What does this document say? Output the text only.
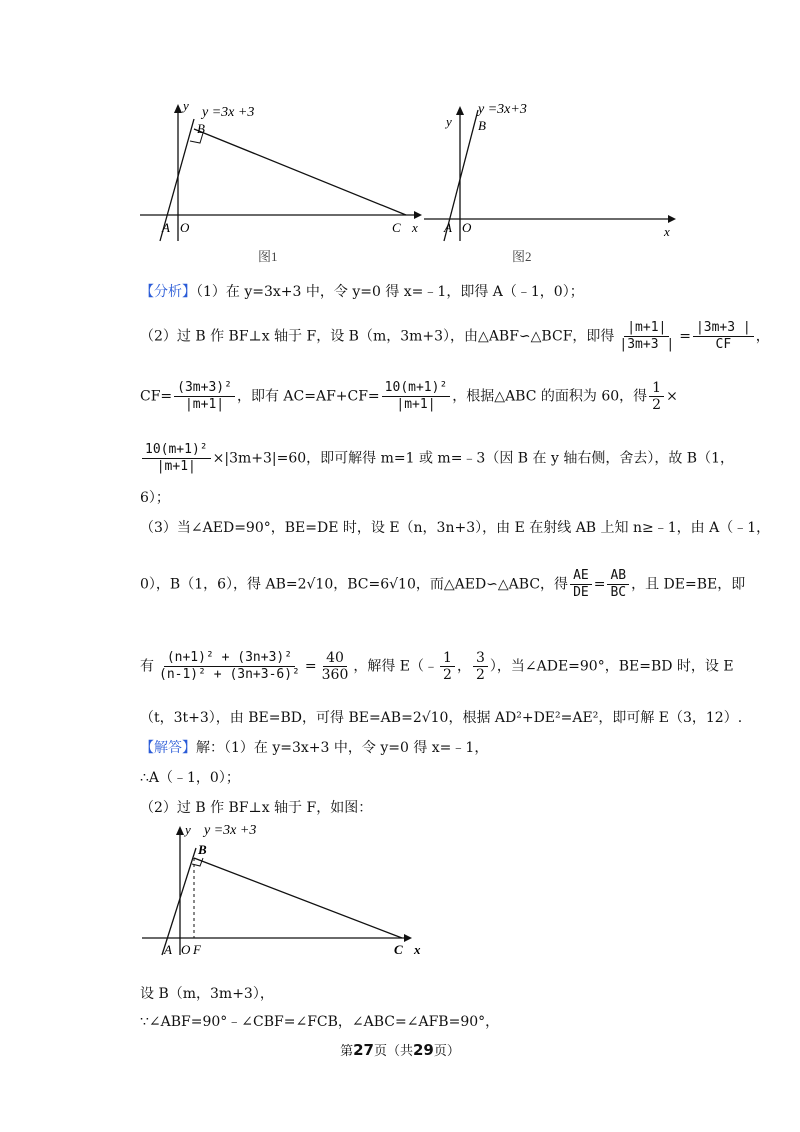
y y =3x +3
B
A O	C x
图1
y
y =3x+3
B
A O	x
图2
【分析】（1）在 y=3x+3 中，令 y=0 得 x=﹣1，即得 A（﹣1，0）；
（2）过 B 作 BF⊥x 轴于 F，设 B（m，3m+3），由△ABF∽△BCF，即得 $\frac{|m+1|}{|3m+3 |} = \frac{|3m+3 |}{CF}$ ，
$CF= \frac{\text{(3m+3)²}}{|m+1|}$ ，即有 $AC=AF+CF= \frac{\text{10(m+1)²}}{|m+1|}$ ，根据△ABC 的面积为 60，得 $\frac{1}{2}$ ×
$\frac{\text{10(m+1)²}}{|m+1|} \times|3m+3|=60$，即可解得 m=1 或 m=﹣3（因 B 在 y 轴右侧，舍去），故 B（1，
6）；
（3）当∠AED=90°，BE=DE 时，设 E（n，3n+3），由 E 在射线 AB 上知 n≥﹣1，由 A（﹣1，
0），B（1，6），得 AB=2√10，BC=6√10，而△AED∽△ABC，得 $\frac{AE}{DE} = \frac{AB}{BC}$ ，且 DE=BE，即
有 $\frac{\text{(n+1)² + (3n+3)²}}{\text{(n-1)² + (3n+3-6)²}} = \frac{40}{360}$ ，解得 E（﹣ $\frac{1}{2}$ ， $\frac{3}{2}$ ），当∠ADE=90°，BE=BD 时，设 E
（t，3t+3），由 BE=BD，可得 BE=AB=2√10，根据 AD²+DE²=AE²，即可解 E（3，12）.
【解答】解：（1）在 y=3x+3 中，令 y=0 得 x=﹣1，
∴A（﹣1，0）；
（2）过 B 作 BF⊥x 轴于 F，如图：
y y =3x +3
B
A O F	C x
设 B（m，3m+3），
∵∠ABF=90°﹣∠CBF=∠FCB，∠ABC=∠AFB=90°，
第27页（共29页）
